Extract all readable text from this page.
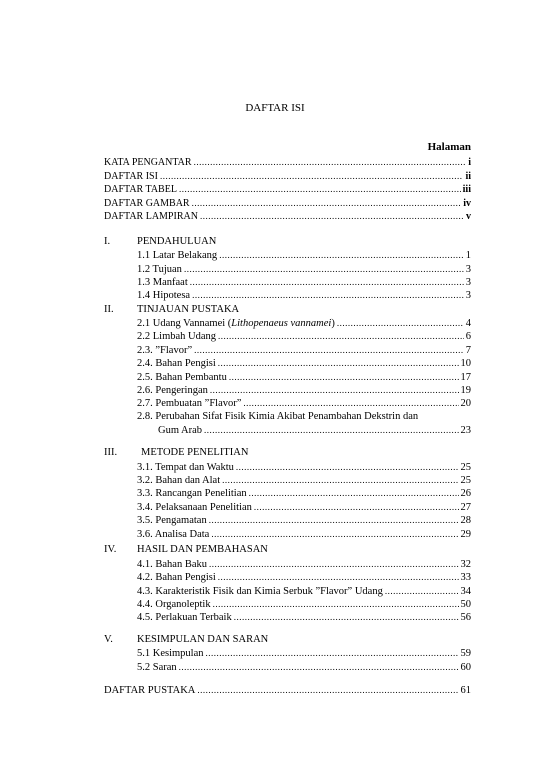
DAFTAR ISI
Halaman
KATA PENGANTAR .....	i
DAFTAR ISI .....	ii
DAFTAR TABEL .....	iii
DAFTAR GAMBAR .....	iv
DAFTAR LAMPIRAN .....	v
I.	PENDAHULUAN
1.1 Latar Belakang .....	1
1.2 Tujuan .....	3
1.3 Manfaat .....	3
1.4 Hipotesa .....	3
II. TINJAUAN PUSTAKA
2.1 Udang Vannamei (Lithopenaeus vannamei) .....	4
2.2 Limbah Udang .....	6
2.3. ”Flavor” .....	7
2.4. Bahan Pengisi .....	10
2.5. Bahan Pembantu .....	17
2.6. Pengeringan .....	19
2.7. Pembuatan ”Flavor” .....	20
2.8. Perubahan Sifat Fisik Kimia Akibat Penambahan Dekstrin dan
Gum Arab .....	23
III. METODE PENELITIAN
3.1. Tempat dan Waktu .....	25
3.2. Bahan dan Alat .....	25
3.3. Rancangan Penelitian .....	26
3.4. Pelaksanaan Penelitian .....	27
3.5. Pengamatan .....	28
3.6. Analisa Data .....	29
IV. HASIL DAN PEMBAHASAN
4.1. Bahan Baku .....	32
4.2. Bahan Pengisi .....	33
4.3. Karakteristik Fisik dan Kimia Serbuk ”Flavor” Udang .....	34
4.4. Organoleptik .....	50
4.5. Perlakuan Terbaik .....	56
V. KESIMPULAN DAN SARAN
5.1 Kesimpulan .....	59
5.2 Saran .....	60
DAFTAR PUSTAKA .....	61
